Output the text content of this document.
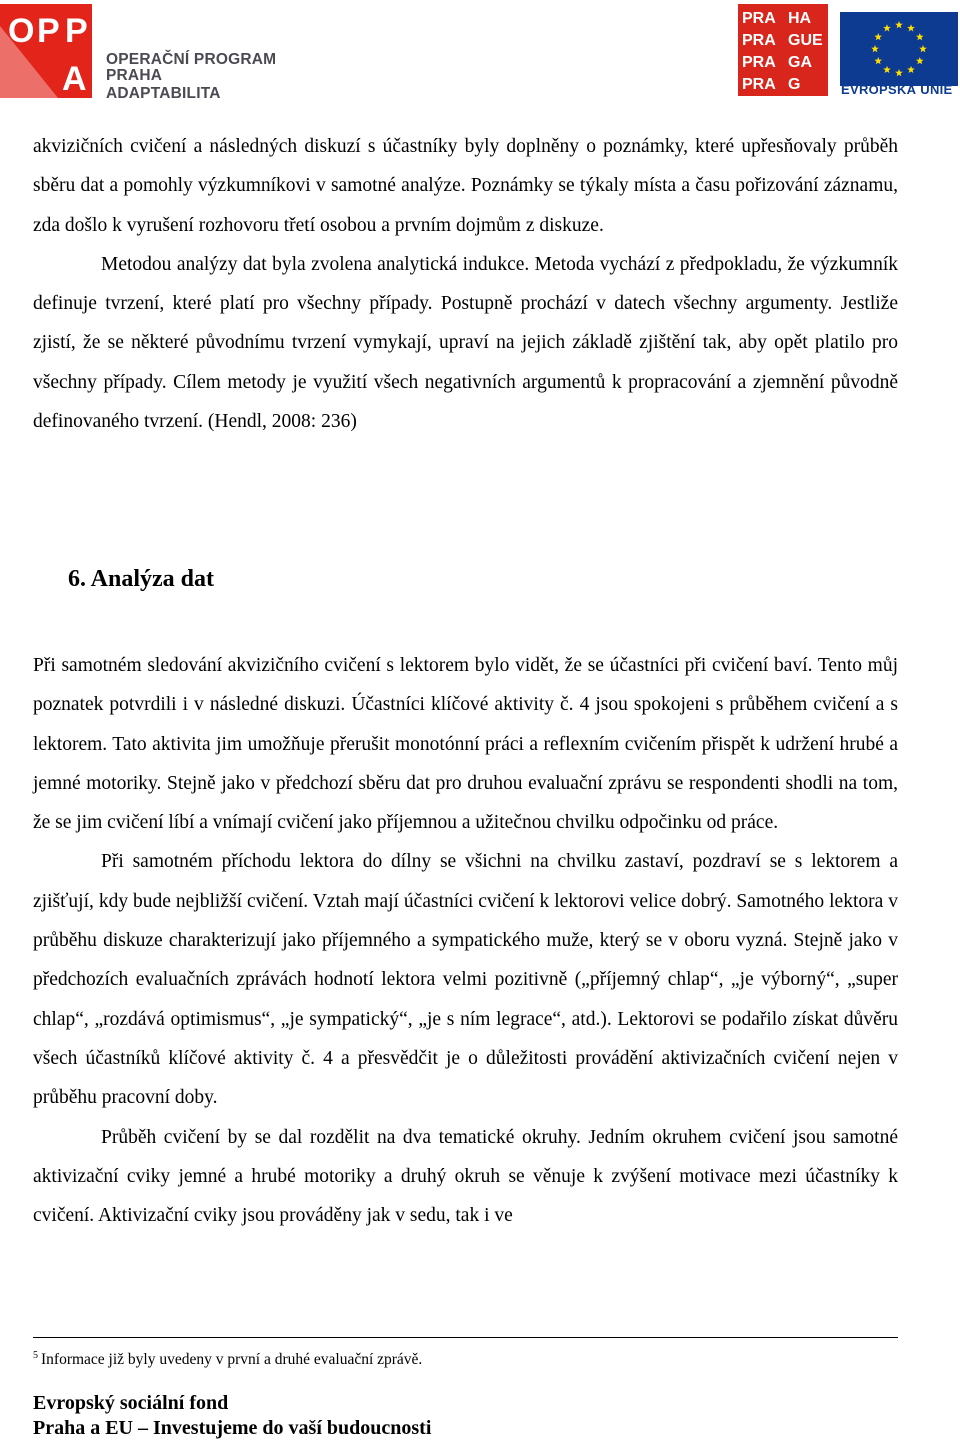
O P P
A
OPERAČNÍ PROGRAM PRAHA
ADAPTABILITA
PRA HA
PRA GUE
PRA GA
PRA G	EVROPSKÁ UNIE

akvizičních cvičení a následných diskuzí s účastníky byly doplněny o poznámky, které upřesňovaly průběh sběru dat a pomohly výzkumníkovi v samotné analýze. Poznámky se týkaly místa a času pořizování záznamu, zda došlo k vyrušení rozhovoru třetí osobou a prvním dojmům z diskuze.

Metodou analýzy dat byla zvolena analytická indukce. Metoda vychází z předpokladu, že výzkumník definuje tvrzení, které platí pro všechny případy. Postupně prochází v datech všechny argumenty. Jestliže zjistí, že se některé původnímu tvrzení vymykají, upraví na jejich základě zjištění tak, aby opět platilo pro všechny případy. Cílem metody je využití všech negativních argumentů k propracování a zjemnění původně definovaného tvrzení. (Hendl, 2008: 236)

6. Analýza dat

Při samotném sledování akvizičního cvičení s lektorem bylo vidět, že se účastníci při cvičení baví. Tento můj poznatek potvrdili i v následné diskuzi. Účastníci klíčové aktivity č. 4 jsou spokojeni s průběhem cvičení a s lektorem. Tato aktivita jim umožňuje přerušit monotónní práci a reflexním cvičením přispět k udržení hrubé a jemné motoriky. Stejně jako v předchozí sběru dat pro druhou evaluační zprávu se respondenti shodli na tom, že se jim cvičení líbí a vnímají cvičení jako příjemnou a užitečnou chvilku odpočinku od práce.

Při samotném příchodu lektora do dílny se všichni na chvilku zastaví, pozdraví se s lektorem a zjišťují, kdy bude nejbližší cvičení. Vztah mají účastníci cvičení k lektorovi velice dobrý. Samotného lektora v průběhu diskuze charakterizují jako příjemného a sympatického muže, který se v oboru vyzná. Stejně jako v předchozích evaluačních zprávách hodnotí lektora velmi pozitivně („příjemný chlap“, „je výborný“, „super chlap“, „rozdává optimismus“, „je sympatický“, „je s ním legrace“, atd.). Lektorovi se podařilo získat důvěru všech účastníků klíčové aktivity č. 4 a přesvědčit je o důležitosti provádění aktivizačních cvičení nejen v průběhu pracovní doby.

Průběh cvičení by se dal rozdělit na dva tematické okruhy. Jedním okruhem cvičení jsou samotné aktivizační cviky jemné a hrubé motoriky a druhý okruh se věnuje k zvýšení motivace mezi účastníky k cvičení. Aktivizační cviky jsou prováděny jak v sedu, tak i ve

$^5$ Informace již byly uvedeny v první a druhé evaluační zprávě.
Evropský sociální fond
Praha a EU – Investujeme do vaší budoucnosti
